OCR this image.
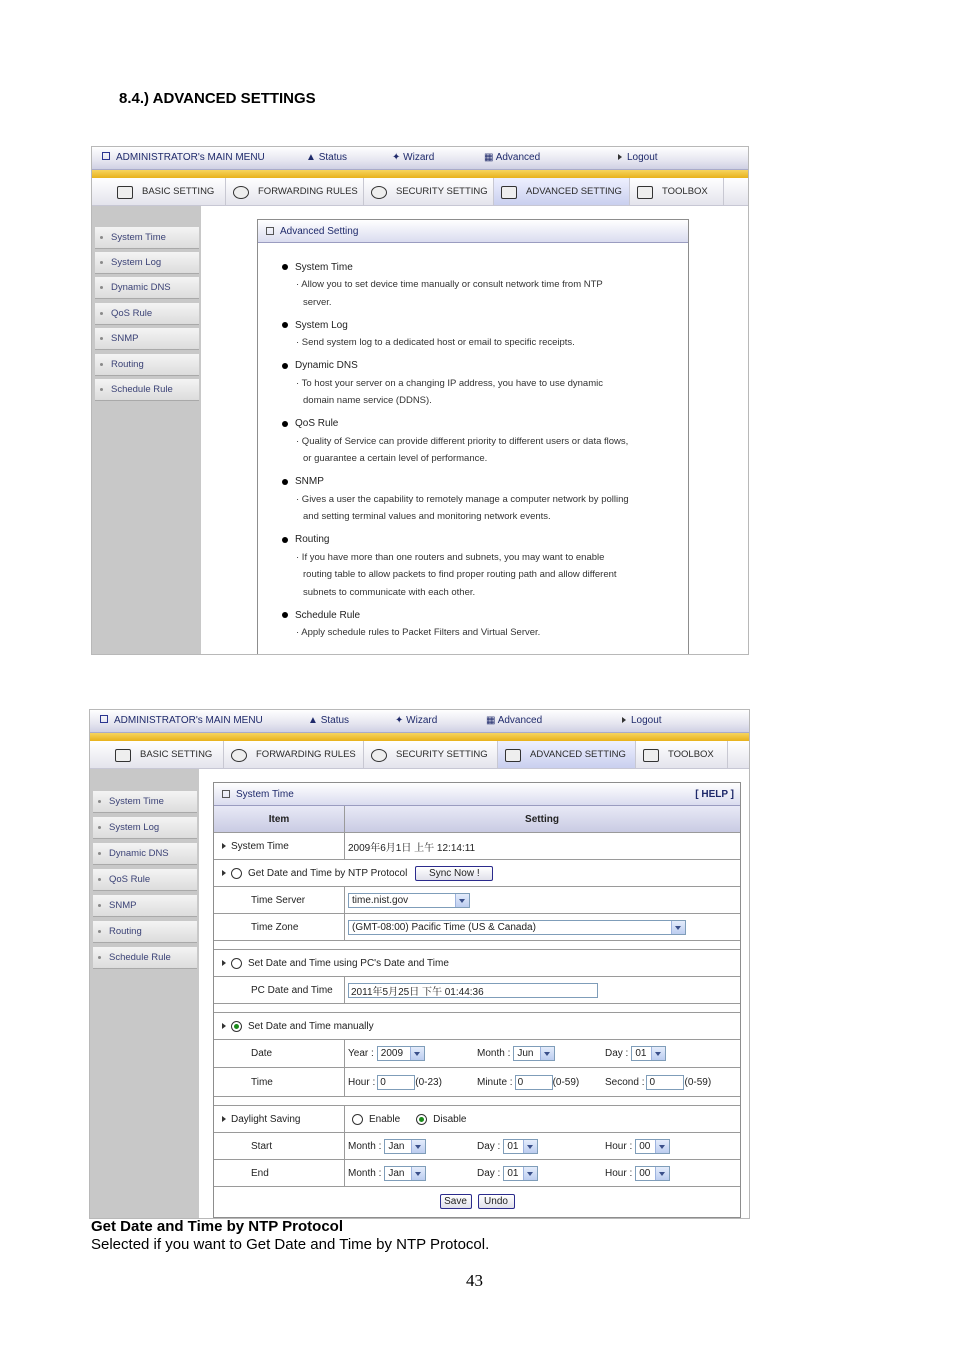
8.4.) ADVANCED SETTINGS
ADMINISTRATOR's MAIN MENU	▲ Status	✦ Wizard	▦ Advanced	Logout
BASIC SETTING	FORWARDING RULES	SECURITY SETTING	ADVANCED SETTING	TOOLBOX
System Time
System Log
Dynamic DNS
QoS Rule
SNMP
Routing
Schedule Rule
Advanced Setting
System Time
· Allow you to set device time manually or consult network time from NTP
server.
System Log
· Send system log to a dedicated host or email to specific receipts.
Dynamic DNS
· To host your server on a changing IP address, you have to use dynamic
domain name service (DDNS).
QoS Rule
· Quality of Service can provide different priority to different users or data flows,
or guarantee a certain level of performance.
SNMP
· Gives a user the capability to remotely manage a computer network by polling
and setting terminal values and monitoring network events.
Routing
· If you have more than one routers and subnets, you may want to enable
routing table to allow packets to find proper routing path and allow different
subnets to communicate with each other.
Schedule Rule
· Apply schedule rules to Packet Filters and Virtual Server.
ADMINISTRATOR's MAIN MENU	▲ Status	✦ Wizard	▦ Advanced	Logout
BASIC SETTING	FORWARDING RULES	SECURITY SETTING	ADVANCED SETTING	TOOLBOX
System Time
System Log
Dynamic DNS
QoS Rule
SNMP
Routing
Schedule Rule
System Time	[ HELP ]
Item	Setting
System Time	2009年6月1日 上午 12:14:11
Get Date and Time by NTP Protocol	Sync Now !
Time Server	time.nist.gov
Time Zone	(GMT-08:00) Pacific Time (US & Canada)
Set Date and Time using PC's Date and Time
PC Date and Time	2011年5月25日 下午 01:44:36
Set Date and Time manually
Date	Year : 2009	Month : Jun	Day : 01
Time	Hour : 0	(0-23)	Minute : 0	(0-59)	Second : 0	(0-59)
Daylight Saving	Enable	Disable
Start	Month : Jan	Day : 01	Hour : 00
End	Month : Jan	Day : 01	Hour : 00
Save	Undo
Get Date and Time by NTP Protocol
Selected if you want to Get Date and Time by NTP Protocol.
43
